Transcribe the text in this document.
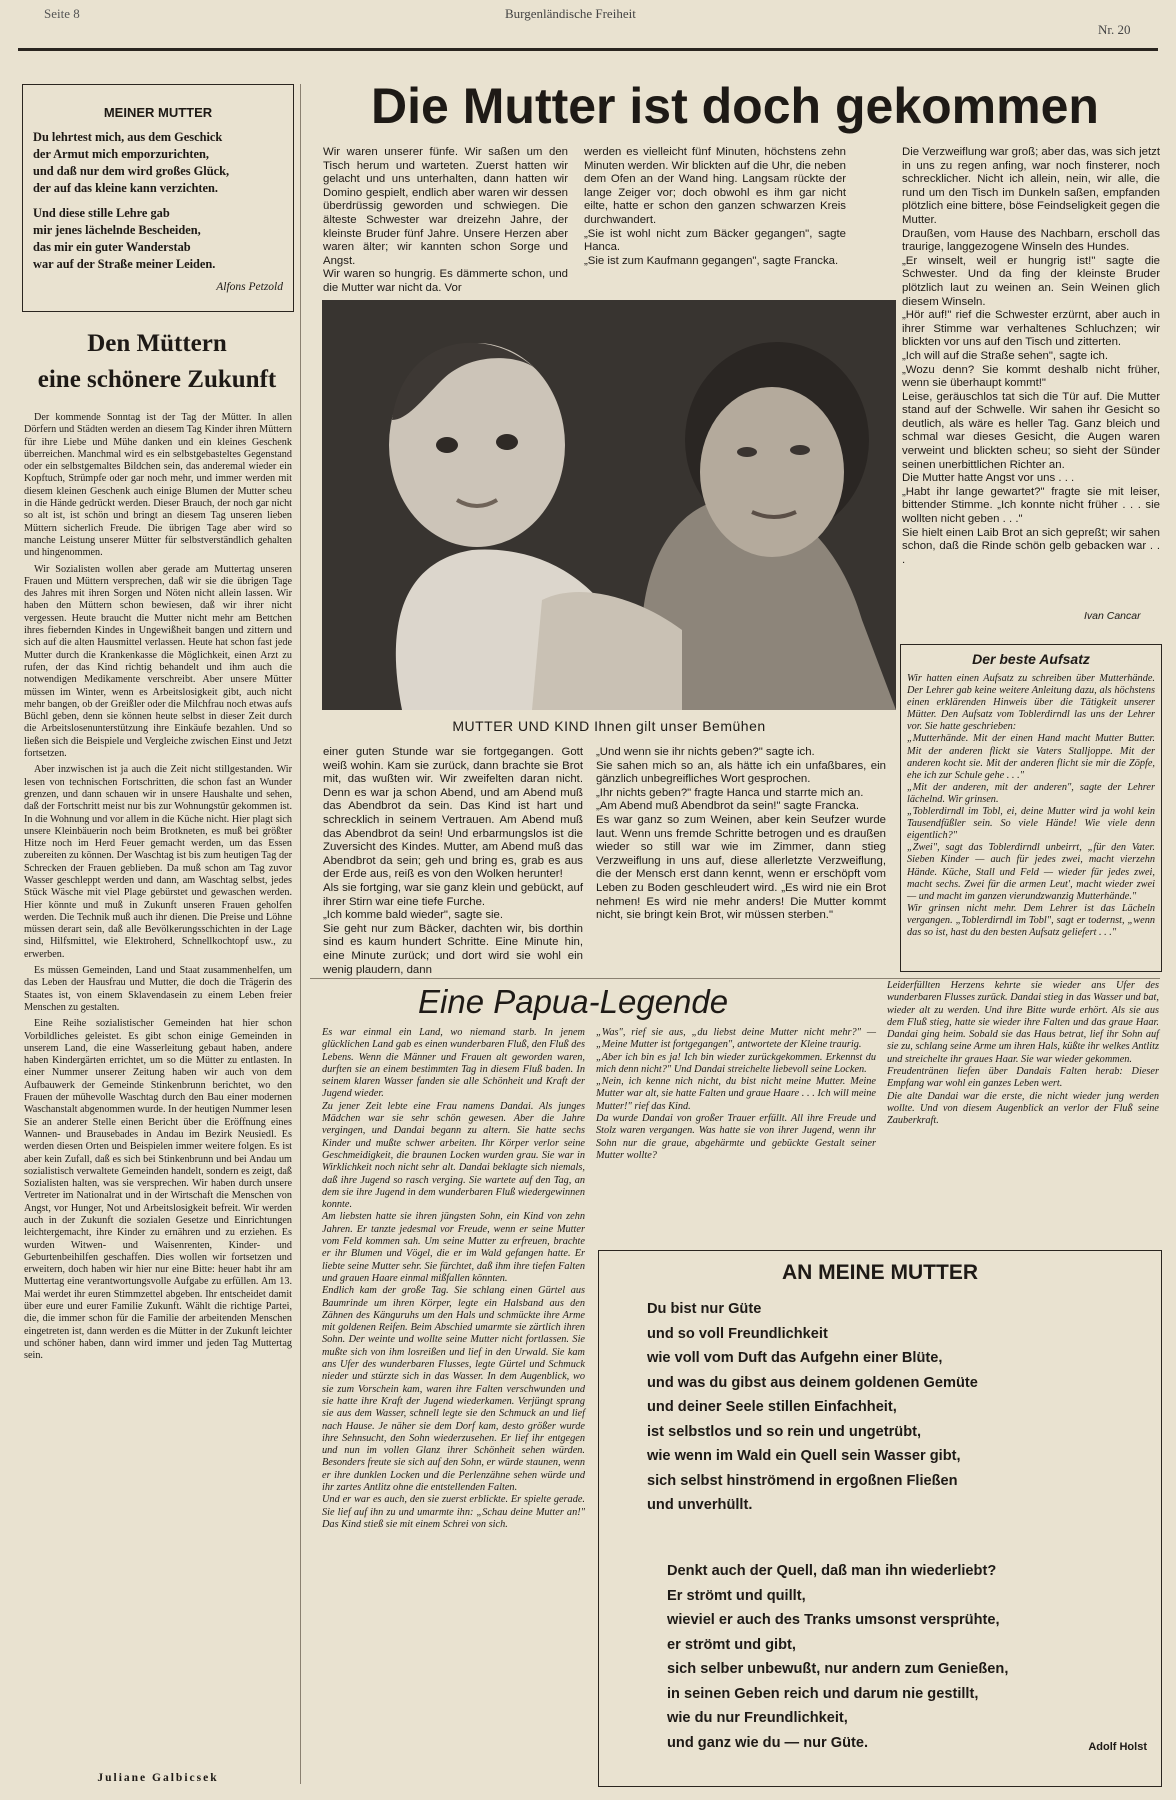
Seite 8	Burgenländische Freiheit
Nr. 20
MEINER MUTTER
Du lehrtest mich, aus dem Geschick
der Armut mich emporzurichten,
und daß nur dem wird großes Glück,
der auf das kleine kann verzichten.
Und diese stille Lehre gab
mir jenes lächelnde Bescheiden,
das mir ein guter Wanderstab
war auf der Straße meiner Leiden.
Alfons Petzold
Den Müttern
eine schönere Zukunft

Der kommende Sonntag ist der Tag der Mütter. In allen Dörfern und Städten werden an diesem Tag Kinder ihren Müttern für ihre Liebe und Mühe danken und ein kleines Geschenk überreichen. Manchmal wird es ein selbstgebasteltes Gegenstand oder ein selbstgemaltes Bildchen sein, das anderemal wieder ein Kopftuch, Strümpfe oder gar noch mehr, und immer werden mit diesem kleinen Geschenk auch einige Blumen der Mutter scheu in die Hände gedrückt werden. Dieser Brauch, der noch gar nicht so alt ist, ist schön und bringt an diesem Tag unseren lieben Müttern sicherlich Freude. Die übrigen Tage aber wird so manche Leistung unserer Mütter für selbstverständlich gehalten und hingenommen.

Wir Sozialisten wollen aber gerade am Muttertag unseren Frauen und Müttern versprechen, daß wir sie die übrigen Tage des Jahres mit ihren Sorgen und Nöten nicht allein lassen. Wir haben den Müttern schon bewiesen, daß wir ihrer nicht vergessen. Heute braucht die Mutter nicht mehr am Bettchen ihres fiebernden Kindes in Ungewißheit bangen und zittern und sich auf die alten Hausmittel verlassen. Heute hat schon fast jede Mutter durch die Krankenkasse die Möglichkeit, einen Arzt zu rufen, der das Kind richtig behandelt und ihm auch die notwendigen Medikamente verschreibt. Aber unsere Mütter müssen im Winter, wenn es Arbeitslosigkeit gibt, auch nicht mehr bangen, ob der Greißler oder die Milchfrau noch etwas aufs Büchl geben, denn sie können heute selbst in dieser Zeit durch die Arbeitslosenunterstützung ihre Einkäufe bezahlen. Und so ließen sich die Beispiele und Vergleiche zwischen Einst und Jetzt fortsetzen.

Aber inzwischen ist ja auch die Zeit nicht stillgestanden. Wir lesen von technischen Fortschritten, die schon fast an Wunder grenzen, und dann schauen wir in unsere Haushalte und sehen, daß der Fortschritt meist nur bis zur Wohnungstür gekommen ist. In die Wohnung und vor allem in die Küche nicht. Hier plagt sich unsere Kleinbäuerin noch beim Brotkneten, es muß bei größter Hitze noch im Herd Feuer gemacht werden, um das Essen zubereiten zu können. Der Waschtag ist bis zum heutigen Tag der Schrecken der Frauen geblieben. Da muß schon am Tag zuvor Wasser geschleppt werden und dann, am Waschtag selbst, jedes Stück Wäsche mit viel Plage gebürstet und gewaschen werden. Hier könnte und muß in Zukunft unseren Frauen geholfen werden. Die Technik muß auch ihr dienen. Die Preise und Löhne müssen derart sein, daß alle Bevölkerungsschichten in der Lage sind, Hilfsmittel, wie Elektroherd, Schnellkochtopf usw., zu erwerben.

Es müssen Gemeinden, Land und Staat zusammenhelfen, um das Leben der Hausfrau und Mutter, die doch die Trägerin des Staates ist, von einem Sklavendasein zu einem Leben freier Menschen zu gestalten.

Eine Reihe sozialistischer Gemeinden hat hier schon Vorbildliches geleistet. Es gibt schon einige Gemeinden in unserem Land, die eine Wasserleitung gebaut haben, andere haben Kindergärten errichtet, um so die Mütter zu entlasten. In einer Nummer unserer Zeitung haben wir auch von dem Aufbauwerk der Gemeinde Stinkenbrunn berichtet, wo den Frauen der mühevolle Waschtag durch den Bau einer modernen Waschanstalt abgenommen wurde. In der heutigen Nummer lesen Sie an anderer Stelle einen Bericht über die Eröffnung eines Wannen- und Brausebades in Andau im Bezirk Neusiedl. Es werden diesen Orten und Beispielen immer weitere folgen. Es ist aber kein Zufall, daß es sich bei Stinkenbrunn und bei Andau um sozialistisch verwaltete Gemeinden handelt, sondern es zeigt, daß Sozialisten halten, was sie versprechen. Wir haben durch unsere Vertreter im Nationalrat und in der Wirtschaft die Menschen von Angst, vor Hunger, Not und Arbeitslosigkeit befreit. Wir werden auch in der Zukunft die sozialen Gesetze und Einrichtungen leichtergemacht, ihre Kinder zu ernähren und zu erziehen. Es wurden Witwen- und Waisenrenten, Kinder- und Geburtenbeihilfen geschaffen. Dies wollen wir fortsetzen und erweitern, doch haben wir hier nur eine Bitte: heuer habt ihr am Muttertag eine verantwortungsvolle Aufgabe zu erfüllen. Am 13. Mai werdet ihr euren Stimmzettel abgeben. Ihr entscheidet damit über eure und eurer Familie Zukunft. Wählt die richtige Partei, die, die immer schon für die Familie der arbeitenden Menschen eingetreten ist, dann werden es die Mütter in der Zukunft leichter und schöner haben, dann wird immer und jeden Tag Muttertag sein.

Juliane Galbicsek
Die Mutter ist doch gekommen
Wir waren unserer fünfe. Wir saßen um den Tisch herum und warteten. Zuerst hatten wir gelacht und uns unterhalten, dann hatten wir Domino gespielt, endlich aber waren wir dessen überdrüssig geworden und schwiegen. Die älteste Schwester war dreizehn Jahre, der kleinste Bruder fünf Jahre. Unsere Herzen aber waren älter; wir kannten schon Sorge und Angst.
Wir waren so hungrig. Es dämmerte schon, und die Mutter war nicht da. Vor
werden es vielleicht fünf Minuten, höchstens zehn Minuten werden. Wir blickten auf die Uhr, die neben dem Ofen an der Wand hing. Langsam rückte der lange Zeiger vor; doch obwohl es ihm gar nicht eilte, hatte er schon den ganzen schwarzen Kreis durchwandert.
„Sie ist wohl nicht zum Bäcker gegangen", sagte Hanca.
„Sie ist zum Kaufmann gegangen", sagte Francka.
Die Verzweiflung war groß; aber das, was sich jetzt in uns zu regen anfing, war noch finsterer, noch schrecklicher. Nicht ich allein, nein, wir alle, die rund um den Tisch im Dunkeln saßen, empfanden plötzlich eine bittere, böse Feindseligkeit gegen die Mutter.
Draußen, vom Hause des Nachbarn, erscholl das traurige, langgezogene Winseln des Hundes.
„Er winselt, weil er hungrig ist!" sagte die Schwester. Und da fing der kleinste Bruder plötzlich laut zu weinen an. Sein Weinen glich diesem Winseln.
„Hör auf!" rief die Schwester erzürnt, aber auch in ihrer Stimme war verhaltenes Schluchzen; wir blickten vor uns auf den Tisch und zitterten.
„Ich will auf die Straße sehen", sagte ich.
„Wozu denn? Sie kommt deshalb nicht früher, wenn sie überhaupt kommt!"
Leise, geräuschlos tat sich die Tür auf. Die Mutter stand auf der Schwelle. Wir sahen ihr Gesicht so deutlich, als wäre es heller Tag. Ganz bleich und schmal war dieses Gesicht, die Augen waren verweint und blickten scheu; so sieht der Sünder seinen unerbittlichen Richter an.
Die Mutter hatte Angst vor uns . . .
„Habt ihr lange gewartet?" fragte sie mit leiser, bittender Stimme. „Ich konnte nicht früher . . . sie wollten nicht geben . . ."
Sie hielt einen Laib Brot an sich gepreßt; wir sahen schon, daß die Rinde schön gelb gebacken war . . .
Ivan Cancar
MUTTER UND KIND Ihnen gilt unser Bemühen
einer guten Stunde war sie fortgegangen. Gott weiß wohin. Kam sie zurück, dann brachte sie Brot mit, das wußten wir. Wir zweifelten daran nicht. Denn es war ja schon Abend, und am Abend muß das Abendbrot da sein. Das Kind ist hart und schrecklich in seinem Vertrauen. Am Abend muß das Abendbrot da sein! Und erbarmungslos ist die Zuversicht des Kindes. Mutter, am Abend muß das Abendbrot da sein; geh und bring es, grab es aus der Erde aus, reiß es von den Wolken herunter!
Als sie fortging, war sie ganz klein und gebückt, auf ihrer Stirn war eine tiefe Furche.
„Ich komme bald wieder", sagte sie.
Sie geht nur zum Bäcker, dachten wir, bis dorthin sind es kaum hundert Schritte. Eine Minute hin, eine Minute zurück; und dort wird sie wohl ein wenig plaudern, dann
„Und wenn sie ihr nichts geben?" sagte ich.
Sie sahen mich so an, als hätte ich ein unfaßbares, ein gänzlich unbegreifliches Wort gesprochen.
„Ihr nichts geben?" fragte Hanca und starrte mich an.
„Am Abend muß Abendbrot da sein!" sagte Francka.
Es war ganz so zum Weinen, aber kein Seufzer wurde laut. Wenn uns fremde Schritte betrogen und es draußen wieder so still war wie im Zimmer, dann stieg Verzweiflung in uns auf, diese allerletzte Verzweiflung, die der Mensch erst dann kennt, wenn er erschöpft vom Leben zu Boden geschleudert wird. „Es wird nie ein Brot nehmen! Es wird nie mehr anders! Die Mutter kommt nicht, sie bringt kein Brot, wir müssen sterben."
Der beste Aufsatz
Wir hatten einen Aufsatz zu schreiben über Mutterhände. Der Lehrer gab keine weitere Anleitung dazu, als höchstens einen erklärenden Hinweis über die Tätigkeit unserer Mütter. Den Aufsatz vom Toblerdirndl las uns der Lehrer vor. Sie hatte geschrieben:
„Mutterhände. Mit der einen Hand macht Mutter Butter. Mit der anderen flickt sie Vaters Stalljoppe. Mit der anderen kocht sie. Mit der anderen flicht sie mir die Zöpfe, ehe ich zur Schule gehe . . ."
„Mit der anderen, mit der anderen", sagte der Lehrer lächelnd. Wir grinsen.
„Toblerdirndl im Tobl, ei, deine Mutter wird ja wohl kein Tausendfüßler sein. So viele Hände! Wie viele denn eigentlich?"
„Zwei", sagt das Toblerdirndl unbeirrt, „für den Vater. Sieben Kinder — auch für jedes zwei, macht vierzehn Hände. Küche, Stall und Feld — wieder für jedes zwei, macht sechs. Zwei für die armen Leut', macht wieder zwei — und macht im ganzen vierundzwanzig Mutterhände."
Wir grinsen nicht mehr. Dem Lehrer ist das Lächeln vergangen. „Toblerdirndl im Tobl", sagt er todernst, „wenn das so ist, hast du den besten Aufsatz geliefert . . ."
Eine Papua-Legende
Es war einmal ein Land, wo niemand starb. In jenem glücklichen Land gab es einen wunderbaren Fluß, den Fluß des Lebens. Wenn die Männer und Frauen alt geworden waren, durften sie an einem bestimmten Tag in diesem Fluß baden. In seinem klaren Wasser fanden sie alle Schönheit und Kraft der Jugend wieder.
Zu jener Zeit lebte eine Frau namens Dandai. Als junges Mädchen war sie sehr schön gewesen. Aber die Jahre vergingen, und Dandai begann zu altern. Sie hatte sechs Kinder und mußte schwer arbeiten. Ihr Körper verlor seine Geschmeidigkeit, die braunen Locken wurden grau. Sie war in Wirklichkeit noch nicht sehr alt. Dandai beklagte sich niemals, daß ihre Jugend so rasch verging. Sie wartete auf den Tag, an dem sie ihre Jugend in dem wunderbaren Fluß wiedergewinnen konnte.
Am liebsten hatte sie ihren jüngsten Sohn, ein Kind von zehn Jahren. Er tanzte jedesmal vor Freude, wenn er seine Mutter vom Feld kommen sah. Um seine Mutter zu erfreuen, brachte er ihr Blumen und Vögel, die er im Wald gefangen hatte. Er liebte seine Mutter sehr. Sie fürchtet, daß ihm ihre tiefen Falten und grauen Haare einmal mißfallen könnten.
Endlich kam der große Tag. Sie schlang einen Gürtel aus Baumrinde um ihren Körper, legte ein Halsband aus den Zähnen des Känguruhs um den Hals und schmückte ihre Arme mit goldenen Reifen. Beim Abschied umarmte sie zärtlich ihren Sohn. Der weinte und wollte seine Mutter nicht fortlassen. Sie mußte sich von ihm losreißen und lief in den Urwald. Sie kam ans Ufer des wunderbaren Flusses, legte Gürtel und Schmuck nieder und stürzte sich in das Wasser. In dem Augenblick, wo sie zum Vorschein kam, waren ihre Falten verschwunden und sie hatte ihre Kraft der Jugend wiederkamen. Verjüngt sprang sie aus dem Wasser, schnell legte sie den Schmuck an und lief nach Hause. Je näher sie dem Dorf kam, desto größer wurde ihre Sehnsucht, den Sohn wiederzusehen. Er lief ihr entgegen und nun im vollen Glanz ihrer Schönheit sehen würden. Besonders freute sie sich auf den Sohn, er würde staunen, wenn er ihre dunklen Locken und die Perlenzähne sehen würde und ihr zartes Antlitz ohne die entstellenden Falten.
Und er war es auch, den sie zuerst erblickte. Er spielte gerade. Sie lief auf ihn zu und umarmte ihn: „Schau deine Mutter an!" Das Kind stieß sie mit einem Schrei von sich.
„Was", rief sie aus, „du liebst deine Mutter nicht mehr?" — „Meine Mutter ist fortgegangen", antwortete der Kleine traurig.
„Aber ich bin es ja! Ich bin wieder zurückgekommen. Erkennst du mich denn nicht?" Und Dandai streichelte liebevoll seine Locken.
„Nein, ich kenne nich nicht, du bist nicht meine Mutter. Meine Mutter war alt, sie hatte Falten und graue Haare . . . Ich will meine Mutter!" rief das Kind.
Da wurde Dandai von großer Trauer erfüllt. All ihre Freude und Stolz waren vergangen. Was hatte sie von ihrer Jugend, wenn ihr Sohn nur die graue, abgehärmte und gebückte Gestalt seiner Mutter wollte?
Leiderfüllten Herzens kehrte sie wieder ans Ufer des wunderbaren Flusses zurück. Dandai stieg in das Wasser und bat, wieder alt zu werden. Und ihre Bitte wurde erhört. Als sie aus dem Fluß stieg, hatte sie wieder ihre Falten und das graue Haar. Dandai ging heim. Sobald sie das Haus betrat, lief ihr Sohn auf sie zu, schlang seine Arme um ihren Hals, küßte ihr welkes Antlitz und streichelte ihr graues Haar. Sie war wieder gekommen.
Freudentränen liefen über Dandais Falten herab: Dieser Empfang war wohl ein ganzes Leben wert.
Die alte Dandai war die erste, die nicht wieder jung werden wollte. Und von diesem Augenblick an verlor der Fluß seine Zauberkraft.
AN MEINE MUTTER
Du bist nur Güte
und so voll Freundlichkeit
wie voll vom Duft das Aufgehn einer Blüte,
und was du gibst aus deinem goldenen Gemüte
und deiner Seele stillen Einfachheit,
ist selbstlos und so rein und ungetrübt,
wie wenn im Wald ein Quell sein Wasser gibt,
sich selbst hinströmend in ergoßnen Fließen
und unverhüllt.
Denkt auch der Quell, daß man ihn wiederliebt?
Er strömt und quillt,
wieviel er auch des Tranks umsonst versprühte,
er strömt und gibt,
sich selber unbewußt, nur andern zum Genießen,
in seinen Geben reich und darum nie gestillt,
wie du nur Freundlichkeit,
und ganz wie du — nur Güte.	Adolf Holst
